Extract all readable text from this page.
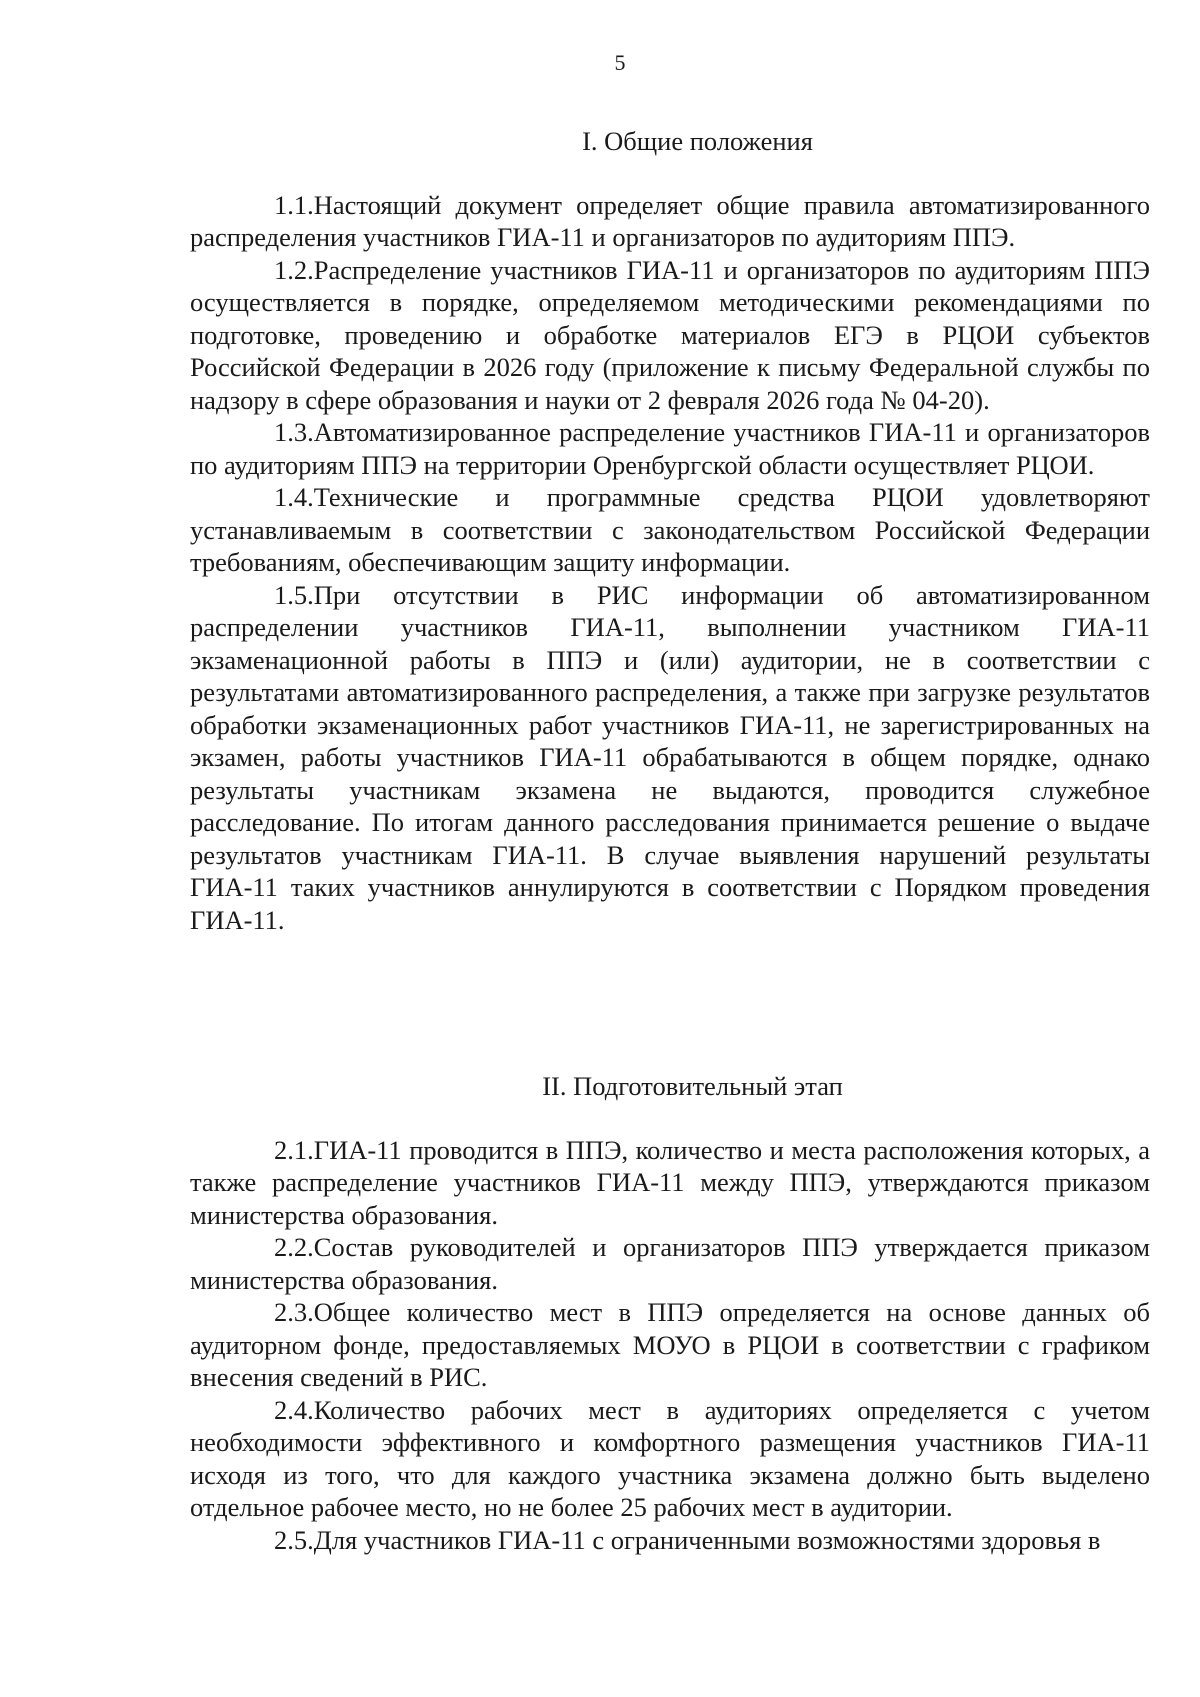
5
I. Общие положения

1.1.Настоящий документ определяет общие правила автоматизированного распределения участников ГИА-11 и организаторов по аудиториям ППЭ.

1.2.Распределение участников ГИА-11 и организаторов по аудиториям ППЭ осуществляется в порядке, определяемом методическими рекомендациями по подготовке, проведению и обработке материалов ЕГЭ в РЦОИ субъектов Российской Федерации в 2026 году (приложение к письму Федеральной службы по надзору в сфере образования и науки от 2 февраля 2026 года № 04-20).

1.3.Автоматизированное распределение участников ГИА-11 и организаторов по аудиториям ППЭ на территории Оренбургской области осуществляет РЦОИ.

1.4.Технические и программные средства РЦОИ удовлетворяют устанавливаемым в соответствии с законодательством Российской Федерации требованиям, обеспечивающим защиту информации.

1.5.При отсутствии в РИС информации об автоматизированном распределении участников ГИА-11, выполнении участником ГИА-11 экзаменационной работы в ППЭ и (или) аудитории, не в соответствии с результатами автоматизированного распределения, а также при загрузке результатов обработки экзаменационных работ участников ГИА-11, не зарегистрированных на экзамен, работы участников ГИА-11 обрабатываются в общем порядке, однако результаты участникам экзамена не выдаются, проводится служебное расследование. По итогам данного расследования принимается решение о выдаче результатов участникам ГИА-11. В случае выявления нарушений результаты ГИА-11 таких участников аннулируются в соответствии с Порядком проведения ГИА-11.

II. Подготовительный этап

2.1.ГИА-11 проводится в ППЭ, количество и места расположения которых, а также распределение участников ГИА-11 между ППЭ, утверждаются приказом министерства образования.

2.2.Состав руководителей и организаторов ППЭ утверждается приказом министерства образования.

2.3.Общее количество мест в ППЭ определяется на основе данных об аудиторном фонде, предоставляемых МОУО в РЦОИ в соответствии с графиком внесения сведений в РИС.

2.4.Количество рабочих мест в аудиториях определяется с учетом необходимости эффективного и комфортного размещения участников ГИА-11 исходя из того, что для каждого участника экзамена должно быть выделено отдельное рабочее место, но не более 25 рабочих мест в аудитории.

2.5.Для участников ГИА-11 с ограниченными возможностями здоровья в
